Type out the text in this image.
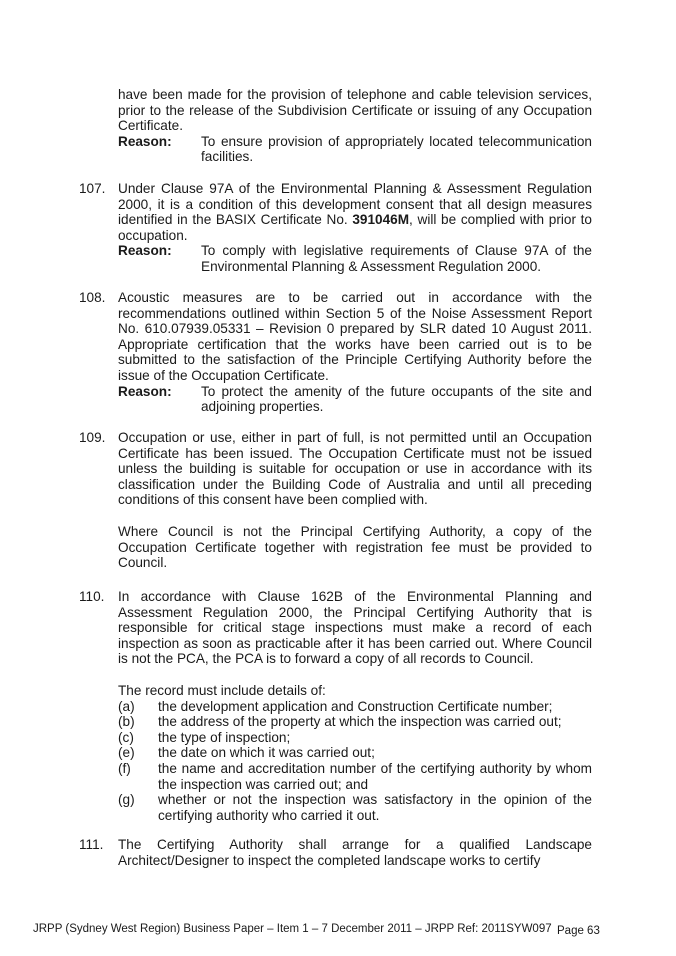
have been made for the provision of telephone and cable television services, prior to the release of the Subdivision Certificate or issuing of any Occupation Certificate.

Reason: To ensure provision of appropriately located telecommunication facilities.
107. Under Clause 97A of the Environmental Planning & Assessment Regulation 2000, it is a condition of this development consent that all design measures identified in the BASIX Certificate No. 391046M, will be complied with prior to occupation.

Reason: To comply with legislative requirements of Clause 97A of the Environmental Planning & Assessment Regulation 2000.
108. Acoustic measures are to be carried out in accordance with the recommendations outlined within Section 5 of the Noise Assessment Report No. 610.07939.05331 – Revision 0 prepared by SLR dated 10 August 2011. Appropriate certification that the works have been carried out is to be submitted to the satisfaction of the Principle Certifying Authority before the issue of the Occupation Certificate.

Reason: To protect the amenity of the future occupants of the site and adjoining properties.
109. Occupation or use, either in part of full, is not permitted until an Occupation Certificate has been issued. The Occupation Certificate must not be issued unless the building is suitable for occupation or use in accordance with its classification under the Building Code of Australia and until all preceding conditions of this consent have been complied with.

Where Council is not the Principal Certifying Authority, a copy of the Occupation Certificate together with registration fee must be provided to Council.

110. In accordance with Clause 162B of the Environmental Planning and Assessment Regulation 2000, the Principal Certifying Authority that is responsible for critical stage inspections must make a record of each inspection as soon as practicable after it has been carried out. Where Council is not the PCA, the PCA is to forward a copy of all records to Council.

The record must include details of:

(a) the development application and Construction Certificate number;
(b) the address of the property at which the inspection was carried out;
(c) the type of inspection;
(e) the date on which it was carried out;
(f) the name and accreditation number of the certifying authority by whom the inspection was carried out; and
(g) whether or not the inspection was satisfactory in the opinion of the certifying authority who carried it out.
111.	The Certifying Authority shall arrange for a qualified Landscape Architect/Designer to inspect the completed landscape works to certify

JRPP (Sydney West Region) Business Paper – Item 1 – 7 December 2011 – JRPP Ref: 2011SYW097 Page 63
